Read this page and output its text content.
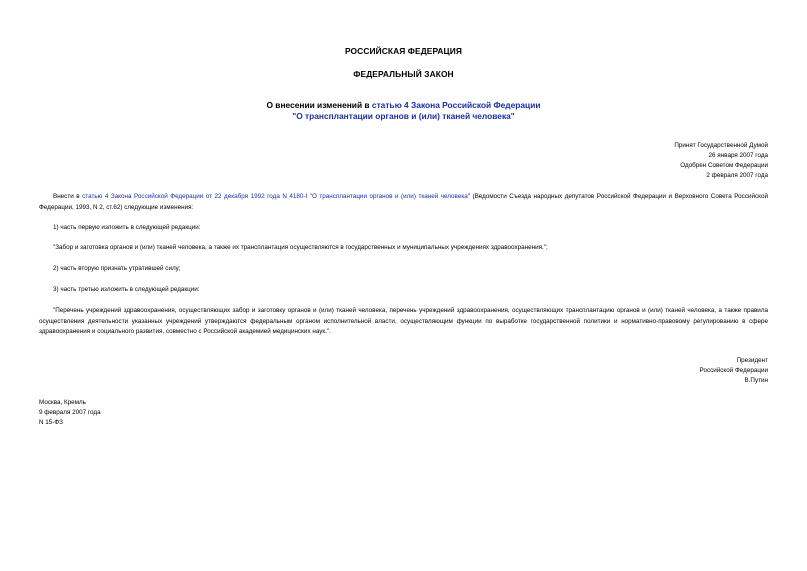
РОССИЙСКАЯ ФЕДЕРАЦИЯ
ФЕДЕРАЛЬНЫЙ ЗАКОН
О внесении изменений в статью 4 Закона Российской Федерации
"О трансплантации органов и (или) тканей человека"
Принят Государственной Думой
26 января 2007 года
Одобрен Советом Федерации
2 февраля 2007 года
Внести в статью 4 Закона Российской Федерации от 22 декабря 1992 года N 4180-I "О трансплантации органов и (или) тканей человека" (Ведомости Съезда народных депутатов Российской Федерации и Верховного Совета Российской Федерации, 1993, N 2, ст.62) следующие изменения:
1) часть первую изложить в следующей редакции:
"Забор и заготовка органов и (или) тканей человека, а также их трансплантация осуществляются в государственных и муниципальных учреждениях здравоохранения.";
2) часть вторую признать утратившей силу;
3) часть третью изложить в следующей редакции:
"Перечень учреждений здравоохранения, осуществляющих забор и заготовку органов и (или) тканей человека, перечень учреждений здравоохранения, осуществляющих трансплантацию органов и (или) тканей человека, а также правила осуществления деятельности указанных учреждений утверждаются федеральным органом исполнительной власти, осуществляющим функции по выработке государственной политики и нормативно-правовому регулированию в сфере здравоохранения и социального развития, совместно с Российской академией медицинских наук.".
Президент
Российской Федерации
В.Путин
Москва, Кремль
9 февраля 2007 года
N 15-ФЗ
